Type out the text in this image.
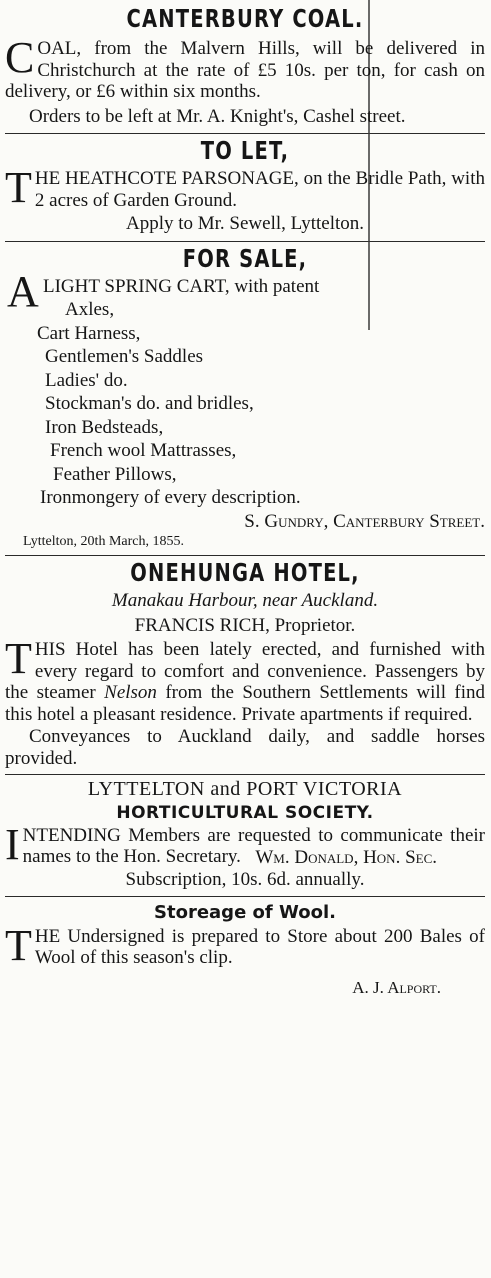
CANTERBURY COAL.

COAL, from the Malvern Hills, will be delivered in Christchurch at the rate of £5 10s. per ton, for cash on delivery, or £6 within six months.

Orders to be left at Mr. A. Knight's, Cashel street.

TO LET,

THE HEATHCOTE PARSONAGE, on the Bridle Path, with 2 acres of Garden Ground.

Apply to Mr. Sewell, Lyttelton.

FOR SALE,

A LIGHT SPRING CART, with patent

Axles,
Cart Harness,
Gentlemen's Saddles
Ladies' do.
Stockman's do. and bridles,
Iron Bedsteads,
French wool Mattrasses,
Feather Pillows,
Ironmongery of every description.

S. Gundry, Canterbury Street.

Lyttelton, 20th March, 1855.

ONEHUNGA HOTEL,

Manakau Harbour, near Auckland.

FRANCIS RICH, Proprietor.

THIS Hotel has been lately erected, and furnished with every regard to comfort and convenience. Passengers by the steamer Nelson from the Southern Settlements will find this hotel a pleasant residence. Private apartments if required.

Conveyances to Auckland daily, and saddle horses provided.

LYTTELTON and PORT VICTORIA

HORTICULTURAL SOCIETY.

INTENDING Members are requested to communicate their names to the Hon. Secretary. Wm. Donald, Hon. Sec.

Subscription, 10s. 6d. annually.

Storeage of Wool.

THE Undersigned is prepared to Store about 200 Bales of Wool of this season's clip.

A. J. Alport.
